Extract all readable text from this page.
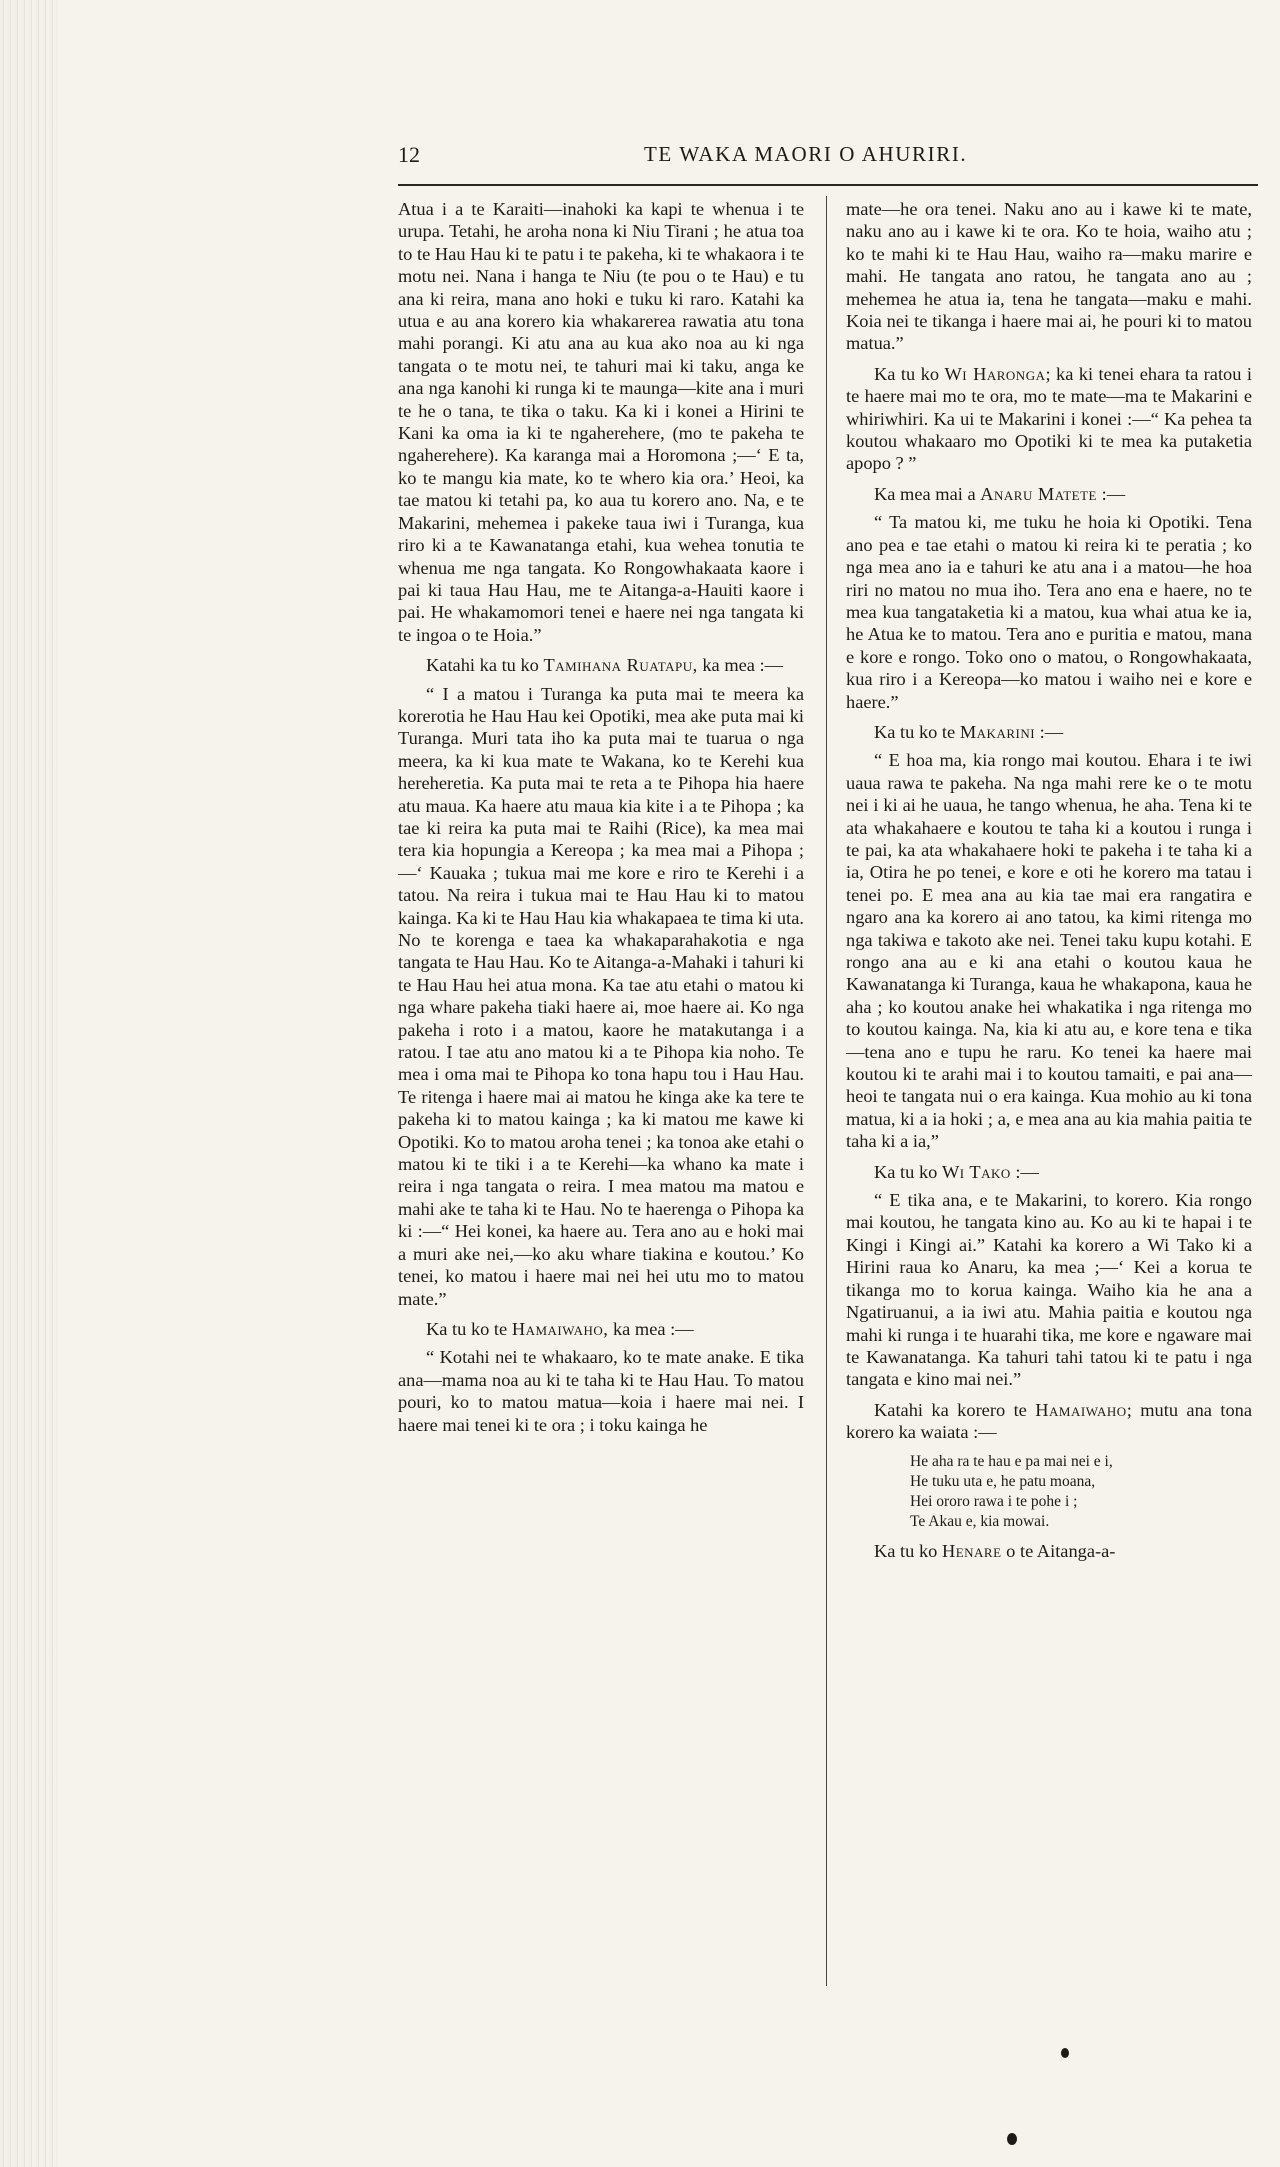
12	TE WAKA MAORI O AHURIRI.

Atua i a te Karaiti—inahoki ka kapi te whenua i te urupa. Tetahi, he aroha nona ki Niu Tirani ; he atua toa to te Hau Hau ki te patu i te pakeha, ki te whakaora i te motu nei. Nana i hanga te Niu (te pou o te Hau) e tu ana ki reira, mana ano hoki e tuku ki raro. Katahi ka utua e au ana korero kia whakarerea rawatia atu tona mahi porangi. Ki atu ana au kua ako noa au ki nga tangata o te motu nei, te tahuri mai ki taku, anga ke ana nga kanohi ki runga ki te maunga—kite ana i muri te he o tana, te tika o taku. Ka ki i konei a Hirini te Kani ka oma ia ki te ngaherehere, (mo te pakeha te ngaherehere). Ka karanga mai a Horomona ;—‘ E ta, ko te mangu kia mate, ko te whero kia ora.’ Heoi, ka tae matou ki tetahi pa, ko aua tu korero ano. Na, e te Makarini, mehemea i pakeke taua iwi i Turanga, kua riro ki a te Kawanatanga etahi, kua wehea tonutia te whenua me nga tangata. Ko Rongowhakaata kaore i pai ki taua Hau Hau, me te Aitanga-a-Hauiti kaore i pai. He whakamomori tenei e haere nei nga tangata ki te ingoa o te Hoia.”

Katahi ka tu ko Tamihana Ruatapu, ka mea :—

“ I a matou i Turanga ka puta mai te meera ka korerotia he Hau Hau kei Opotiki, mea ake puta mai ki Turanga. Muri tata iho ka puta mai te tuarua o nga meera, ka ki kua mate te Wakana, ko te Kerehi kua hereheretia. Ka puta mai te reta a te Pihopa hia haere atu maua. Ka haere atu maua kia kite i a te Pihopa ; ka tae ki reira ka puta mai te Raihi (Rice), ka mea mai tera kia hopungia a Kereopa ; ka mea mai a Pihopa ;—‘ Kauaka ; tukua mai me kore e riro te Kerehi i a tatou. Na reira i tukua mai te Hau Hau ki to matou kainga. Ka ki te Hau Hau kia whakapaea te tima ki uta. No te korenga e taea ka whakaparahakotia e nga tangata te Hau Hau. Ko te Aitanga-a-Mahaki i tahuri ki te Hau Hau hei atua mona. Ka tae atu etahi o matou ki nga whare pakeha tiaki haere ai, moe haere ai. Ko nga pakeha i roto i a matou, kaore he matakutanga i a ratou. I tae atu ano matou ki a te Pihopa kia noho. Te mea i oma mai te Pihopa ko tona hapu tou i Hau Hau. Te ritenga i haere mai ai matou he kinga ake ka tere te pakeha ki to matou kainga ; ka ki matou me kawe ki Opotiki. Ko to matou aroha tenei ; ka tonoa ake etahi o matou ki te tiki i a te Kerehi—ka whano ka mate i reira i nga tangata o reira. I mea matou ma matou e mahi ake te taha ki te Hau. No te haerenga o Pihopa ka ki :—“ Hei konei, ka haere au. Tera ano au e hoki mai a muri ake nei,—ko aku whare tiakina e koutou.’ Ko tenei, ko matou i haere mai nei hei utu mo to matou mate.”

Ka tu ko te Hamaiwaho, ka mea :—

“ Kotahi nei te whakaaro, ko te mate anake. E tika ana—mama noa au ki te taha ki te Hau Hau. To matou pouri, ko to matou matua—koia i haere mai nei. I haere mai tenei ki te ora ; i toku kainga he

mate—he ora tenei. Naku ano au i kawe ki te mate, naku ano au i kawe ki te ora. Ko te hoia, waiho atu ; ko te mahi ki te Hau Hau, waiho ra—maku marire e mahi. He tangata ano ratou, he tangata ano au ; mehemea he atua ia, tena he tangata—maku e mahi. Koia nei te tikanga i haere mai ai, he pouri ki to matou matua.”

Ka tu ko Wi Haronga; ka ki tenei ehara ta ratou i te haere mai mo te ora, mo te mate—ma te Makarini e whiriwhiri. Ka ui te Makarini i konei :—“ Ka pehea ta koutou whakaaro mo Opotiki ki te mea ka putaketia apopo ? ”

Ka mea mai a Anaru Matete :—

“ Ta matou ki, me tuku he hoia ki Opotiki. Tena ano pea e tae etahi o matou ki reira ki te peratia ; ko nga mea ano ia e tahuri ke atu ana i a matou—he hoa riri no matou no mua iho. Tera ano ena e haere, no te mea kua tangataketia ki a matou, kua whai atua ke ia, he Atua ke to matou. Tera ano e puritia e matou, mana e kore e rongo. Toko ono o matou, o Rongowhakaata, kua riro i a Kereopa—ko matou i waiho nei e kore e haere.”

Ka tu ko te Makarini :—

“ E hoa ma, kia rongo mai koutou. Ehara i te iwi uaua rawa te pakeha. Na nga mahi rere ke o te motu nei i ki ai he uaua, he tango whenua, he aha. Tena ki te ata whakahaere e koutou te taha ki a koutou i runga i te pai, ka ata whakahaere hoki te pakeha i te taha ki a ia, Otira he po tenei, e kore e oti he korero ma tatau i tenei po. E mea ana au kia tae mai era rangatira e ngaro ana ka korero ai ano tatou, ka kimi ritenga mo nga takiwa e takoto ake nei. Tenei taku kupu kotahi. E rongo ana au e ki ana etahi o koutou kaua he Kawanatanga ki Turanga, kaua he whakapona, kaua he aha ; ko koutou anake hei whakatika i nga ritenga mo to koutou kainga. Na, kia ki atu au, e kore tena e tika—tena ano e tupu he raru. Ko tenei ka haere mai koutou ki te arahi mai i to koutou tamaiti, e pai ana—heoi te tangata nui o era kainga. Kua mohio au ki tona matua, ki a ia hoki ; a, e mea ana au kia mahia paitia te taha ki a ia,”

Ka tu ko Wi Tako :—

“ E tika ana, e te Makarini, to korero. Kia rongo mai koutou, he tangata kino au. Ko au ki te hapai i te Kingi i Kingi ai.” Katahi ka korero a Wi Tako ki a Hirini raua ko Anaru, ka mea ;—‘ Kei a korua te tikanga mo to korua kainga. Waiho kia he ana a Ngatiruanui, a ia iwi atu. Mahia paitia e koutou nga mahi ki runga i te huarahi tika, me kore e ngaware mai te Kawanatanga. Ka tahuri tahi tatou ki te patu i nga tangata e kino mai nei.”

Katahi ka korero te Hamaiwaho; mutu ana tona korero ka waiata :—

He aha ra te hau e pa mai nei e i,
He tuku uta e, he patu moana,
Hei ororo rawa i te pohe i ;
Te Akau e, kia mowai.

Ka tu ko Henare o te Aitanga-a-
